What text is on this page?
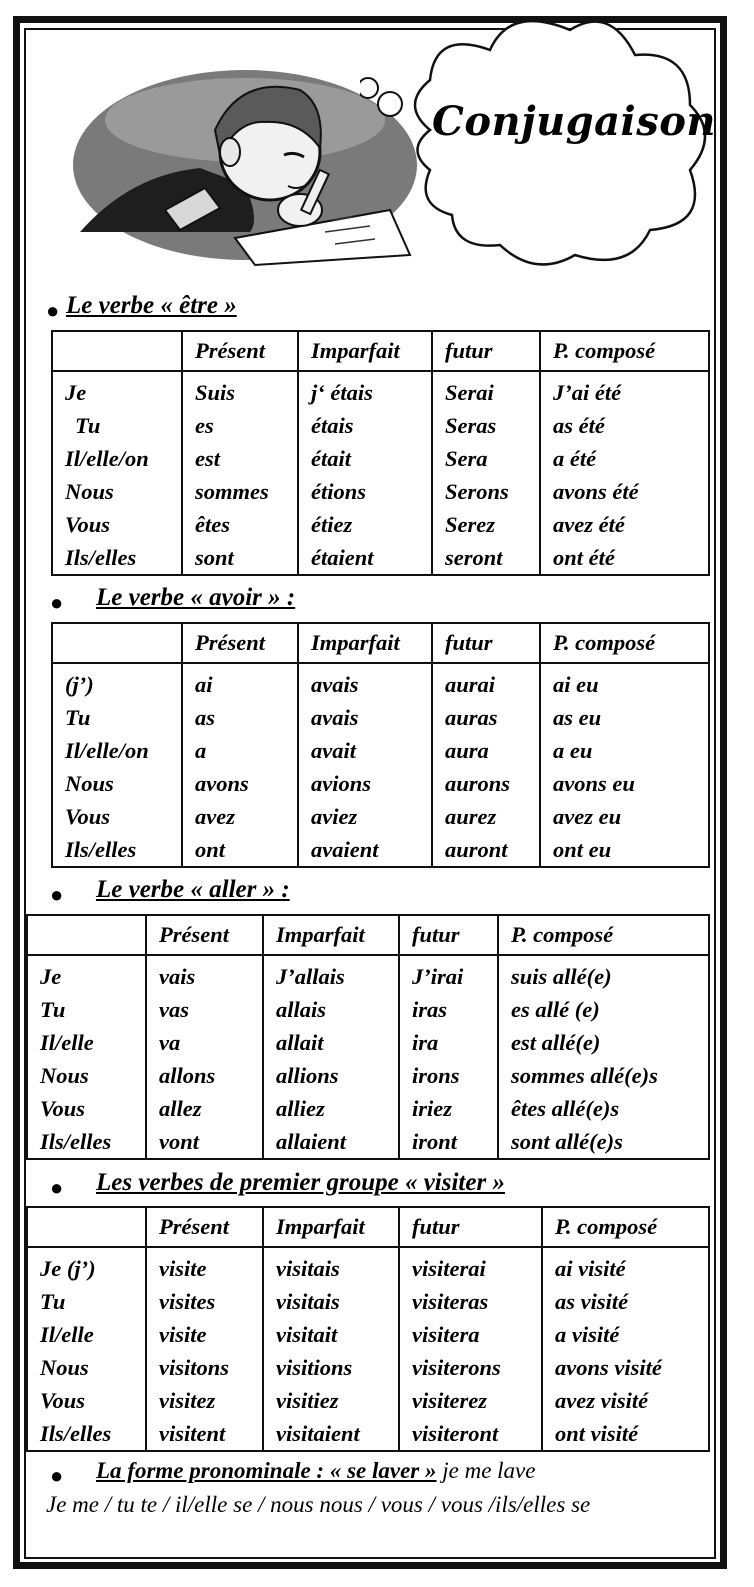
Conjugaison
● Le verbe « être »
	Présent	Imparfait	futur	P. composé
Je	Suis	j‘ étais	Serai	J’ai été
Tu	es	étais	Seras	as été
Il/elle/on	est	était	Sera	a été
Nous	sommes	étions	Serons	avons été
Vous	êtes	étiez	Serez	avez été
Ils/elles	sont	étaient	seront	ont été
● Le verbe « avoir » :
	Présent	Imparfait	futur	P. composé
(j’)	ai	avais	aurai	ai eu
Tu	as	avais	auras	as eu
Il/elle/on	a	avait	aura	a eu
Nous	avons	avions	aurons	avons eu
Vous	avez	aviez	aurez	avez eu
Ils/elles	ont	avaient	auront	ont eu
● Le verbe « aller » :
	Présent	Imparfait	futur	P. composé
Je	vais	J’allais	J’irai	suis allé(e)
Tu	vas	allais	iras	es allé (e)
Il/elle	va	allait	ira	est allé(e)
Nous	allons	allions	irons	sommes allé(e)s
Vous	allez	alliez	iriez	êtes allé(e)s
Ils/elles	vont	allaient	iront	sont allé(e)s
● Les verbes de premier groupe « visiter »
	Présent	Imparfait	futur	P. composé
Je (j’)	visite	visitais	visiterai	ai visité
Tu	visites	visitais	visiteras	as visité
Il/elle	visite	visitait	visitera	a visité
Nous	visitons	visitions	visiterons	avons visité
Vous	visitez	visitiez	visiterez	avez visité
Ils/elles	visitent	visitaient	visiteront	ont visité
● La forme pronominale : « se laver » je me lave
Je me / tu te / il/elle se / nous nous / vous / vous /ils/elles se
